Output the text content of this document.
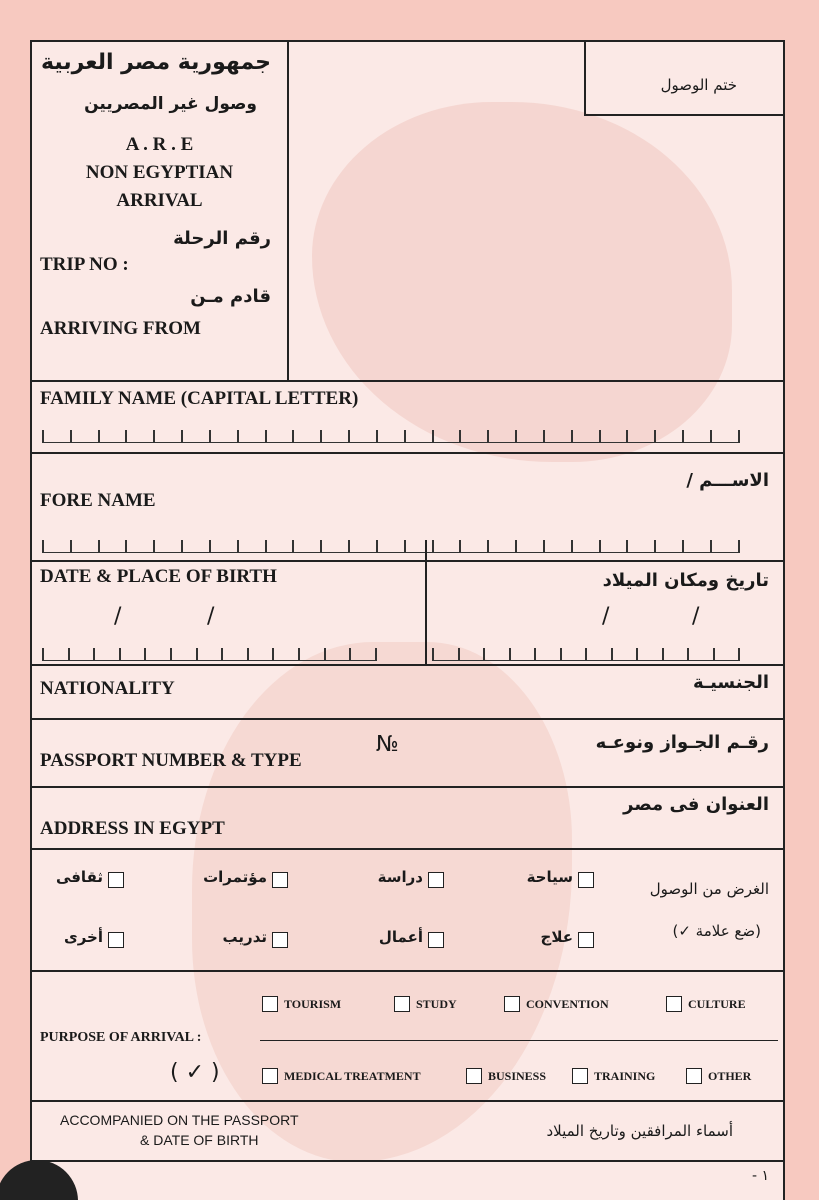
جمهورية مصر العربية
وصول غير المصريين
A . R . E
NON EGYPTIAN
ARRIVAL
رقم الرحلة
TRIP NO :
قادم مـن
ARRIVING FROM
ختم الوصول
FAMILY NAME (CAPITAL LETTER)
الاســـم /
FORE NAME
DATE & PLACE OF BIRTH	تاريخ ومكان الميلاد
/	/	/	/
الجنسيـة
NATIONALITY
رقـم الجـواز ونوعـه
PASSPORT NUMBER & TYPE
№
العنوان فى مصر
ADDRESS IN EGYPT
الغرض من الوصول
(ضع علامة ✓)
سياحة
دراسة
مؤتمرات
ثقافى
علاج
أعمال
تدريب
أخرى
TOURISM	STUDY	CONVENTION	CULTURE
PURPOSE OF ARRIVAL :
( ✓ )	MEDICAL TREATMENT	BUSINESS	TRAINING	OTHER
ACCOMPANIED ON THE PASSPORT
& DATE OF BIRTH	أسماء المرافقين وتاريخ الميلاد
١ -
